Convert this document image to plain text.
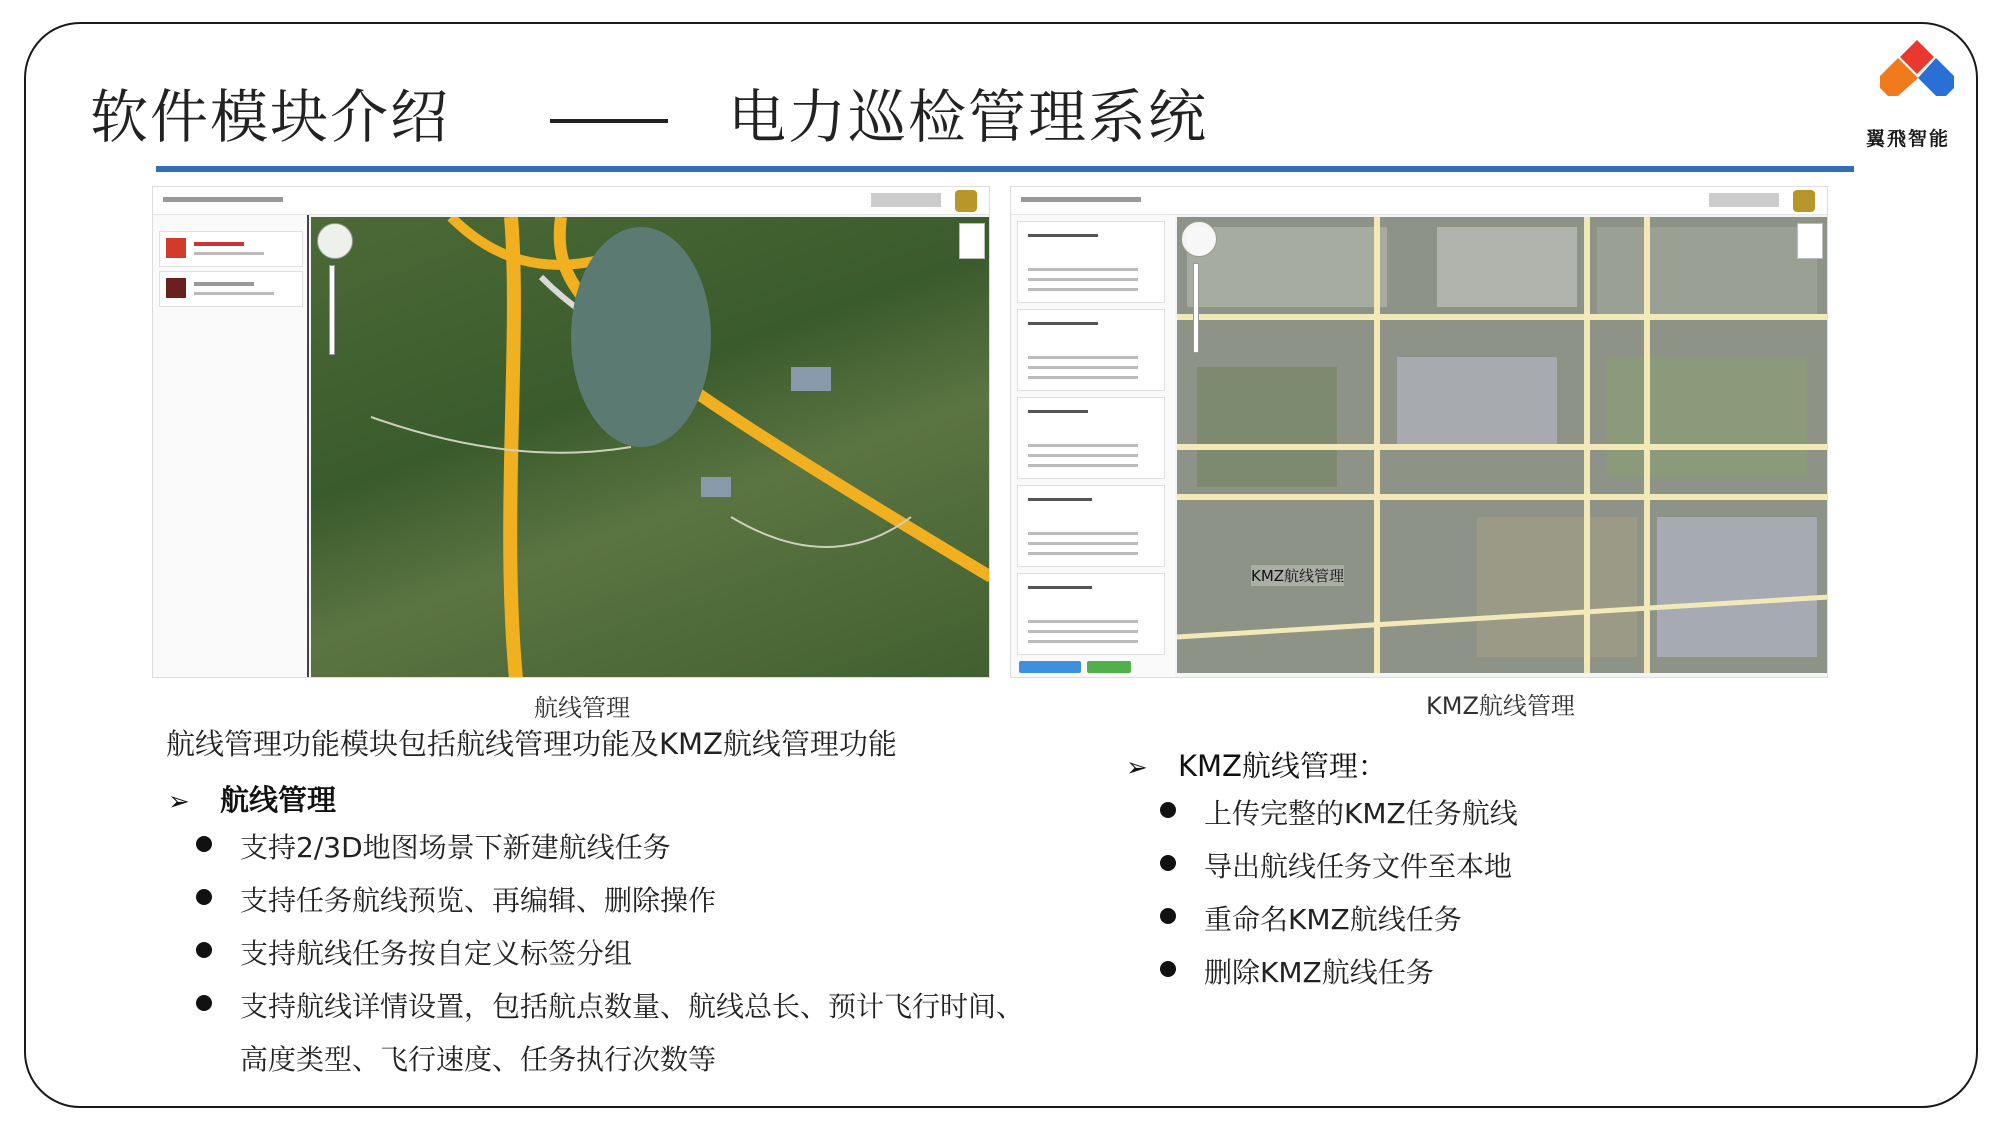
软件模块介绍	电力巡检管理系统	翼飛智能
KMZ航线管理
航线管理	KMZ航线管理
航线管理功能模块包括航线管理功能及KMZ航线管理功能
➢ 航线管理
支持2/3D地图场景下新建航线任务
支持任务航线预览、再编辑、删除操作
支持航线任务按自定义标签分组
支持航线详情设置，包括航点数量、航线总长、预计飞行时间、
高度类型、飞行速度、任务执行次数等
➢ KMZ航线管理：
上传完整的KMZ任务航线
导出航线任务文件至本地
重命名KMZ航线任务
删除KMZ航线任务
